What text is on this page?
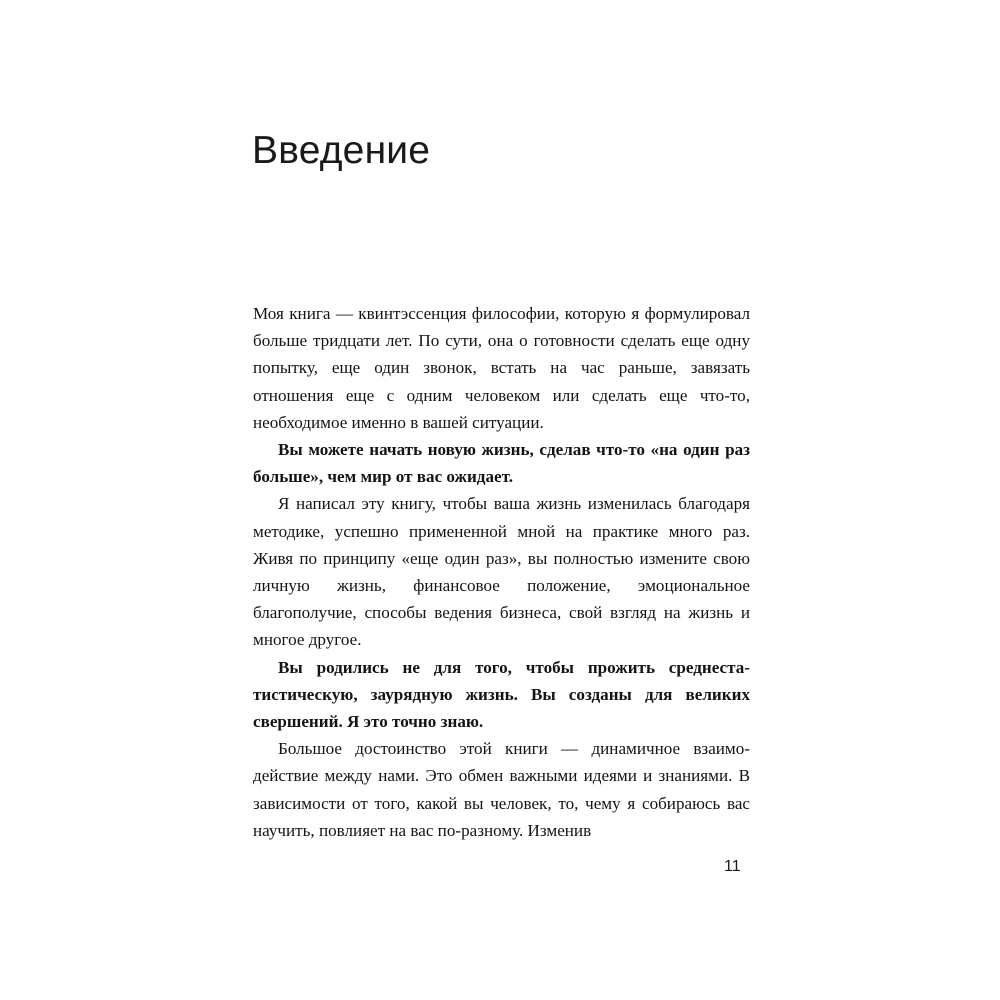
Введение

Моя книга — квинтэссенция философии, которую я формулировал больше тридцати лет. По сути, она о готовности сделать еще одну попытку, еще один звонок, встать на час раньше, завязать отношения еще с одним человеком или сделать еще что-то, необходимое именно в вашей ситуации.

Вы можете начать новую жизнь, сделав что-то «на один раз больше», чем мир от вас ожидает.

Я написал эту книгу, чтобы ваша жизнь изменилась благодаря методике, успешно примененной мной на практике много раз. Живя по принципу «еще один раз», вы полностью измените свою личную жизнь, финансовое положение, эмоциональное благополучие, способы ведения бизнеса, свой взгляд на жизнь и многое другое.

Вы родились не для того, чтобы прожить среднестатистическую, заурядную жизнь. Вы созданы для великих свершений. Я это точно знаю.

Большое достоинство этой книги — динамичное взаимодействие между нами. Это обмен важными идеями и знаниями. В зависимости от того, какой вы человек, то, чему я собираюсь вас научить, повлияет на вас по-разному. Изменив

11
